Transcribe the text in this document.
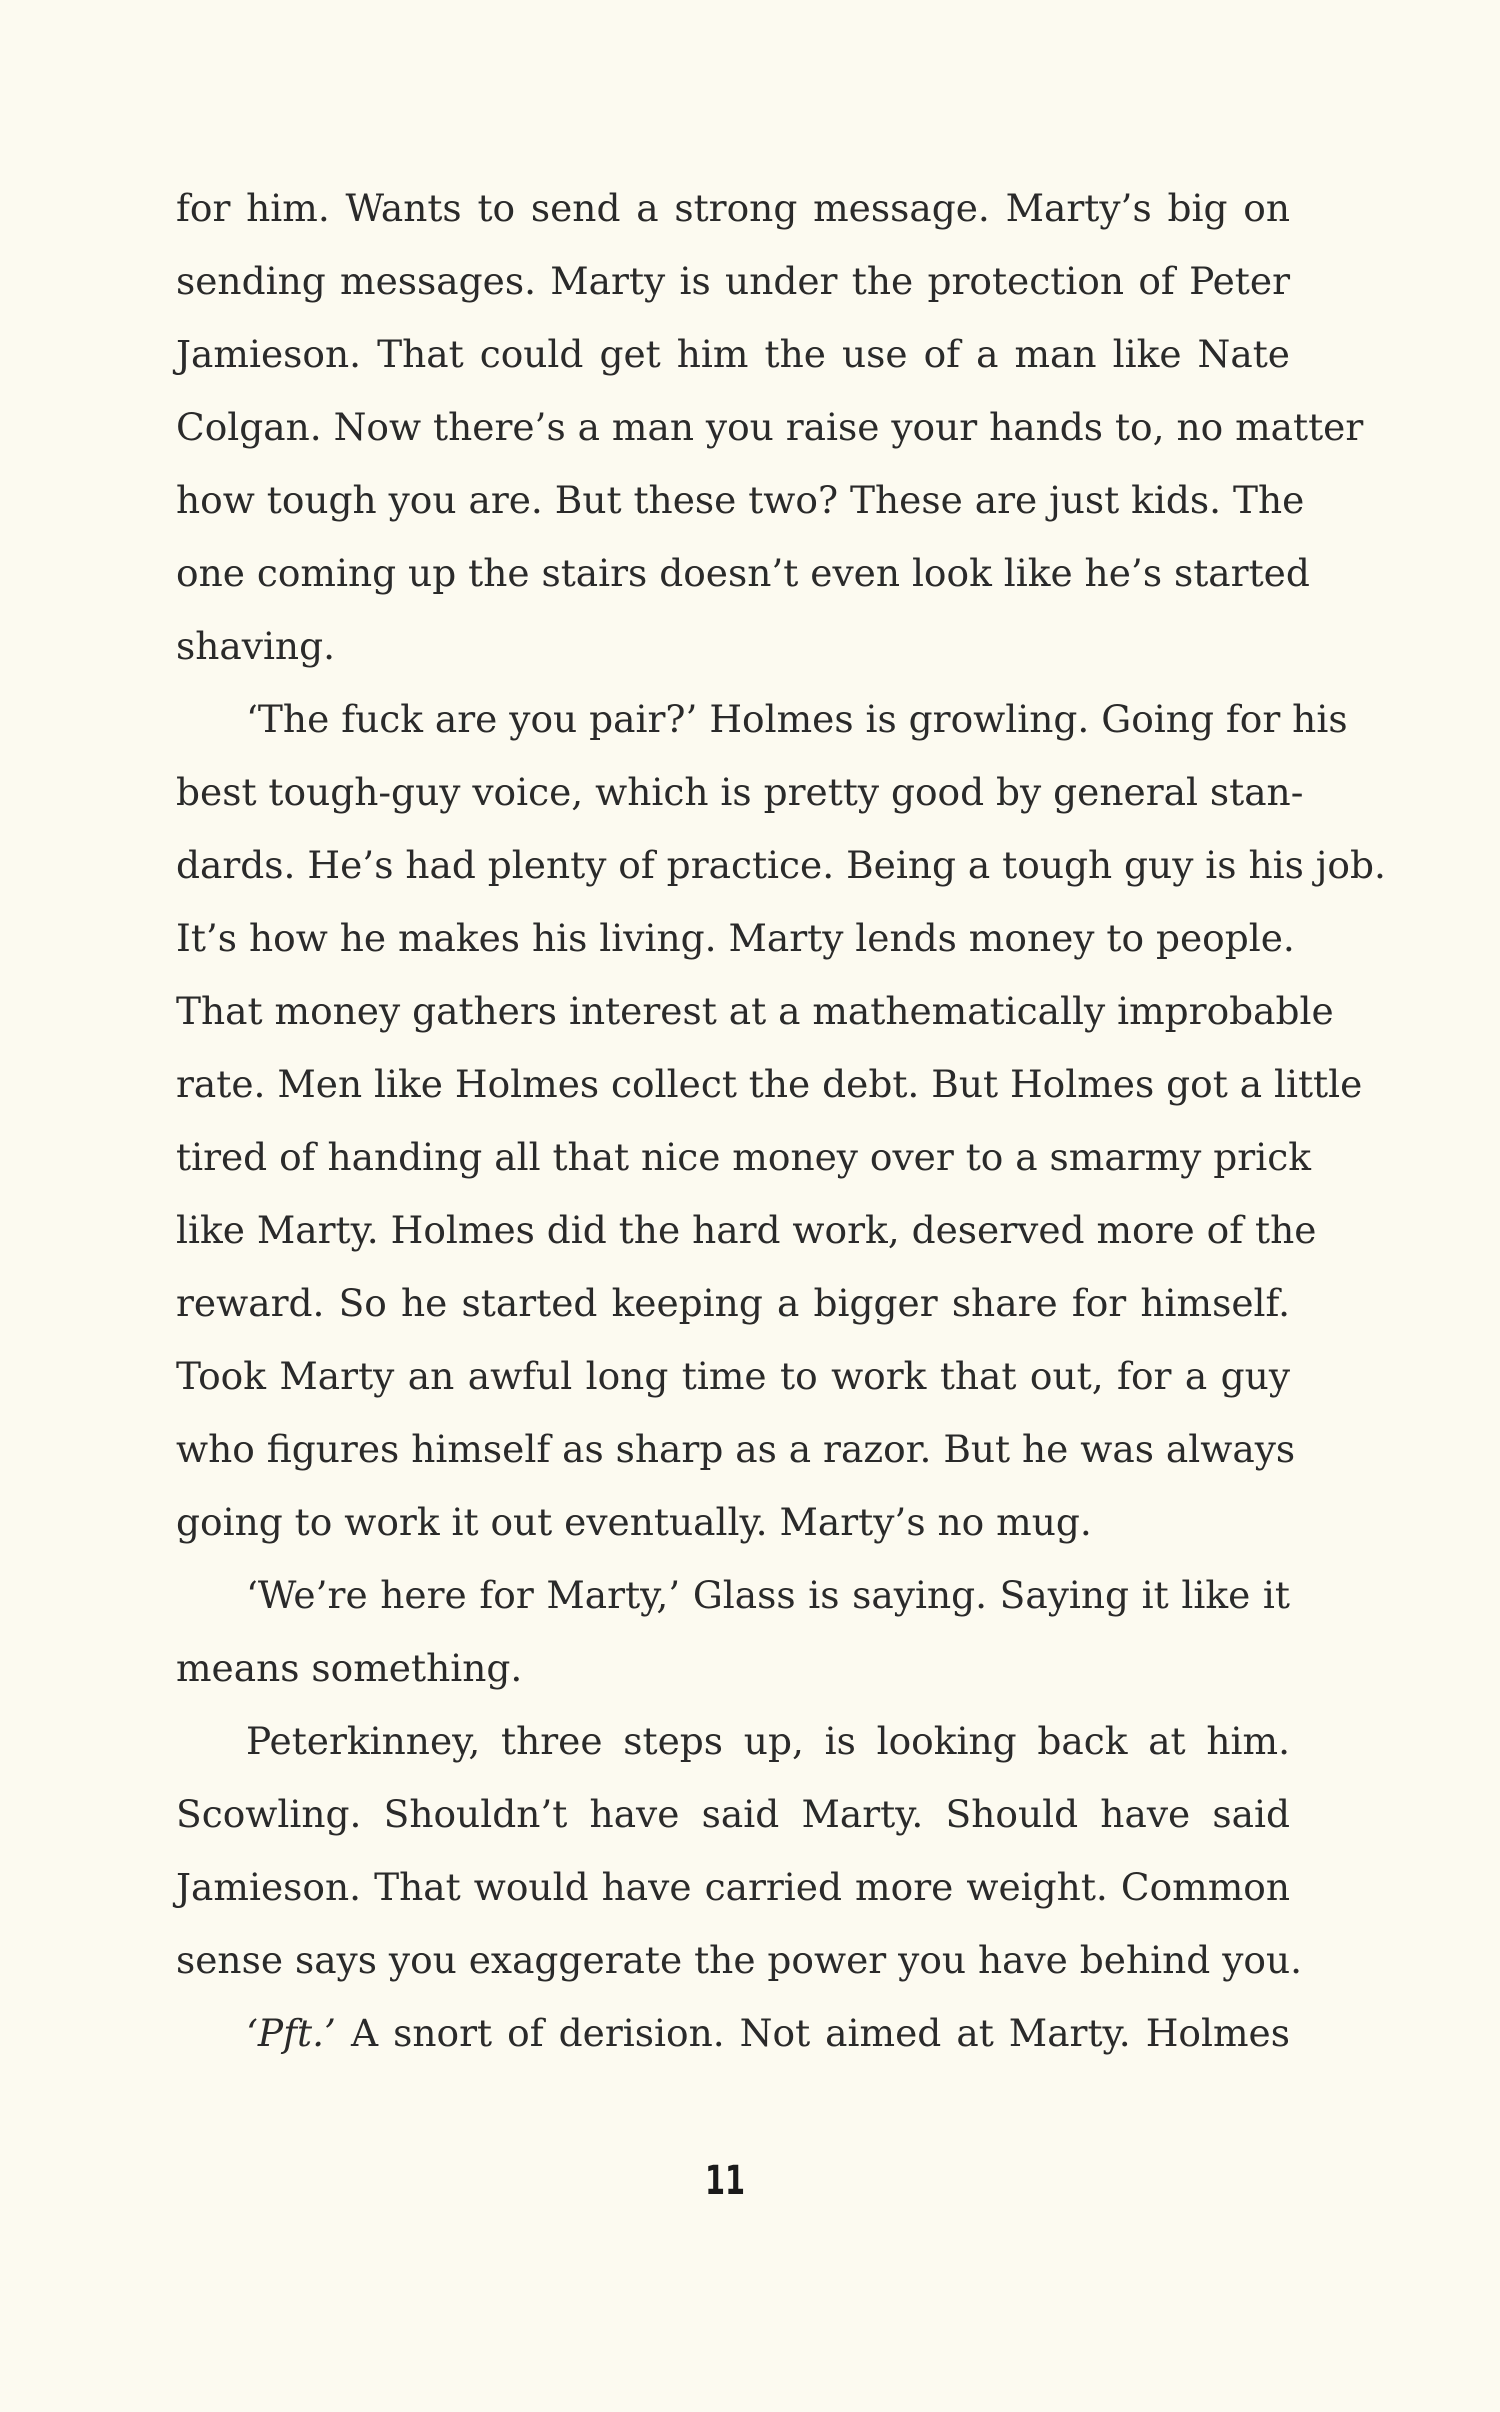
for him. Wants to send a strong message. Marty’s big on
sending messages. Marty is under the protection of Peter
Jamieson. That could get him the use of a man like Nate
Colgan. Now there’s a man you raise your hands to, no matter
how tough you are. But these two? These are just kids. The
one coming up the stairs doesn’t even look like he’s started
shaving.
‘The fuck are you pair?’ Holmes is growling. Going for his
best tough-guy voice, which is pretty good by general stan-
dards. He’s had plenty of practice. Being a tough guy is his job.
It’s how he makes his living. Marty lends money to people.
That money gathers interest at a mathematically improbable
rate. Men like Holmes collect the debt. But Holmes got a little
tired of handing all that nice money over to a smarmy prick
like Marty. Holmes did the hard work, deserved more of the
reward. So he started keeping a bigger share for himself.
Took Marty an awful long time to work that out, for a guy
who figures himself as sharp as a razor. But he was always
going to work it out eventually. Marty’s no mug.
‘We’re here for Marty,’ Glass is saying. Saying it like it
means something.
Peterkinney, three steps up, is looking back at him.
Scowling. Shouldn’t have said Marty. Should have said
Jamieson. That would have carried more weight. Common
sense says you exaggerate the power you have behind you.
‘Pft.’ A snort of derision. Not aimed at Marty. Holmes
11
